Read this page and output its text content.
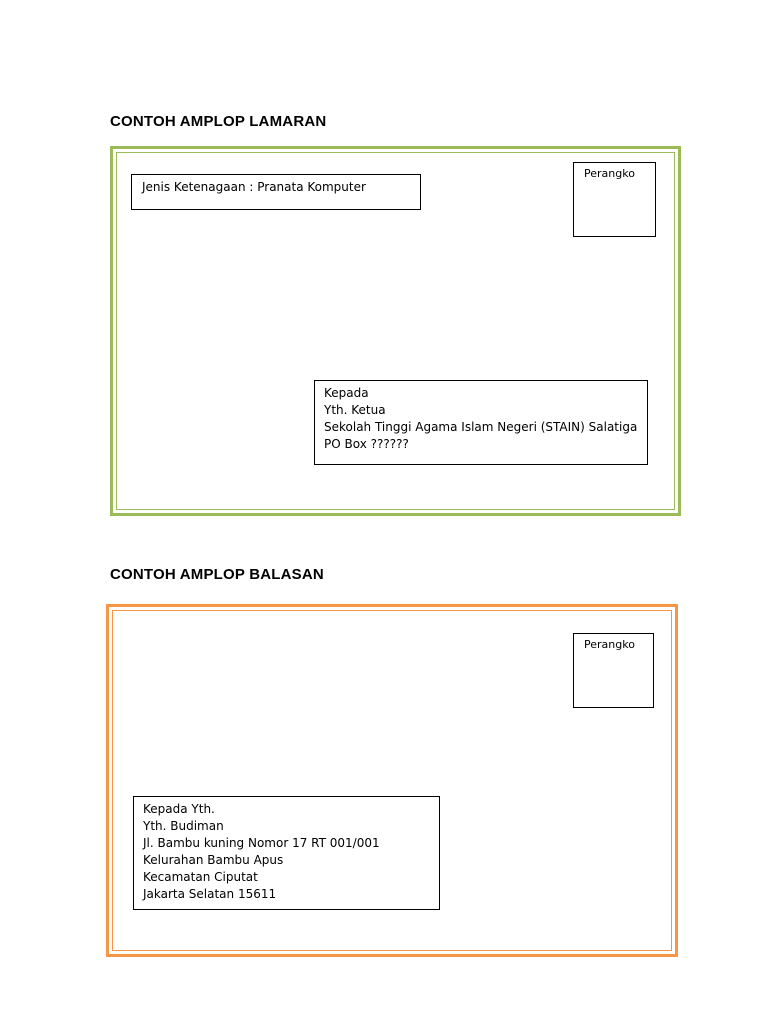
CONTOH AMPLOP LAMARAN
Jenis Ketenagaan : Pranata Komputer
Perangko
Kepada
Yth. Ketua
Sekolah Tinggi Agama Islam Negeri (STAIN) Salatiga
PO Box ??????
CONTOH AMPLOP BALASAN
Perangko
Kepada Yth.
Yth. Budiman
Jl. Bambu kuning Nomor 17 RT 001/001
Kelurahan Bambu Apus
Kecamatan Ciputat
Jakarta Selatan 15611
